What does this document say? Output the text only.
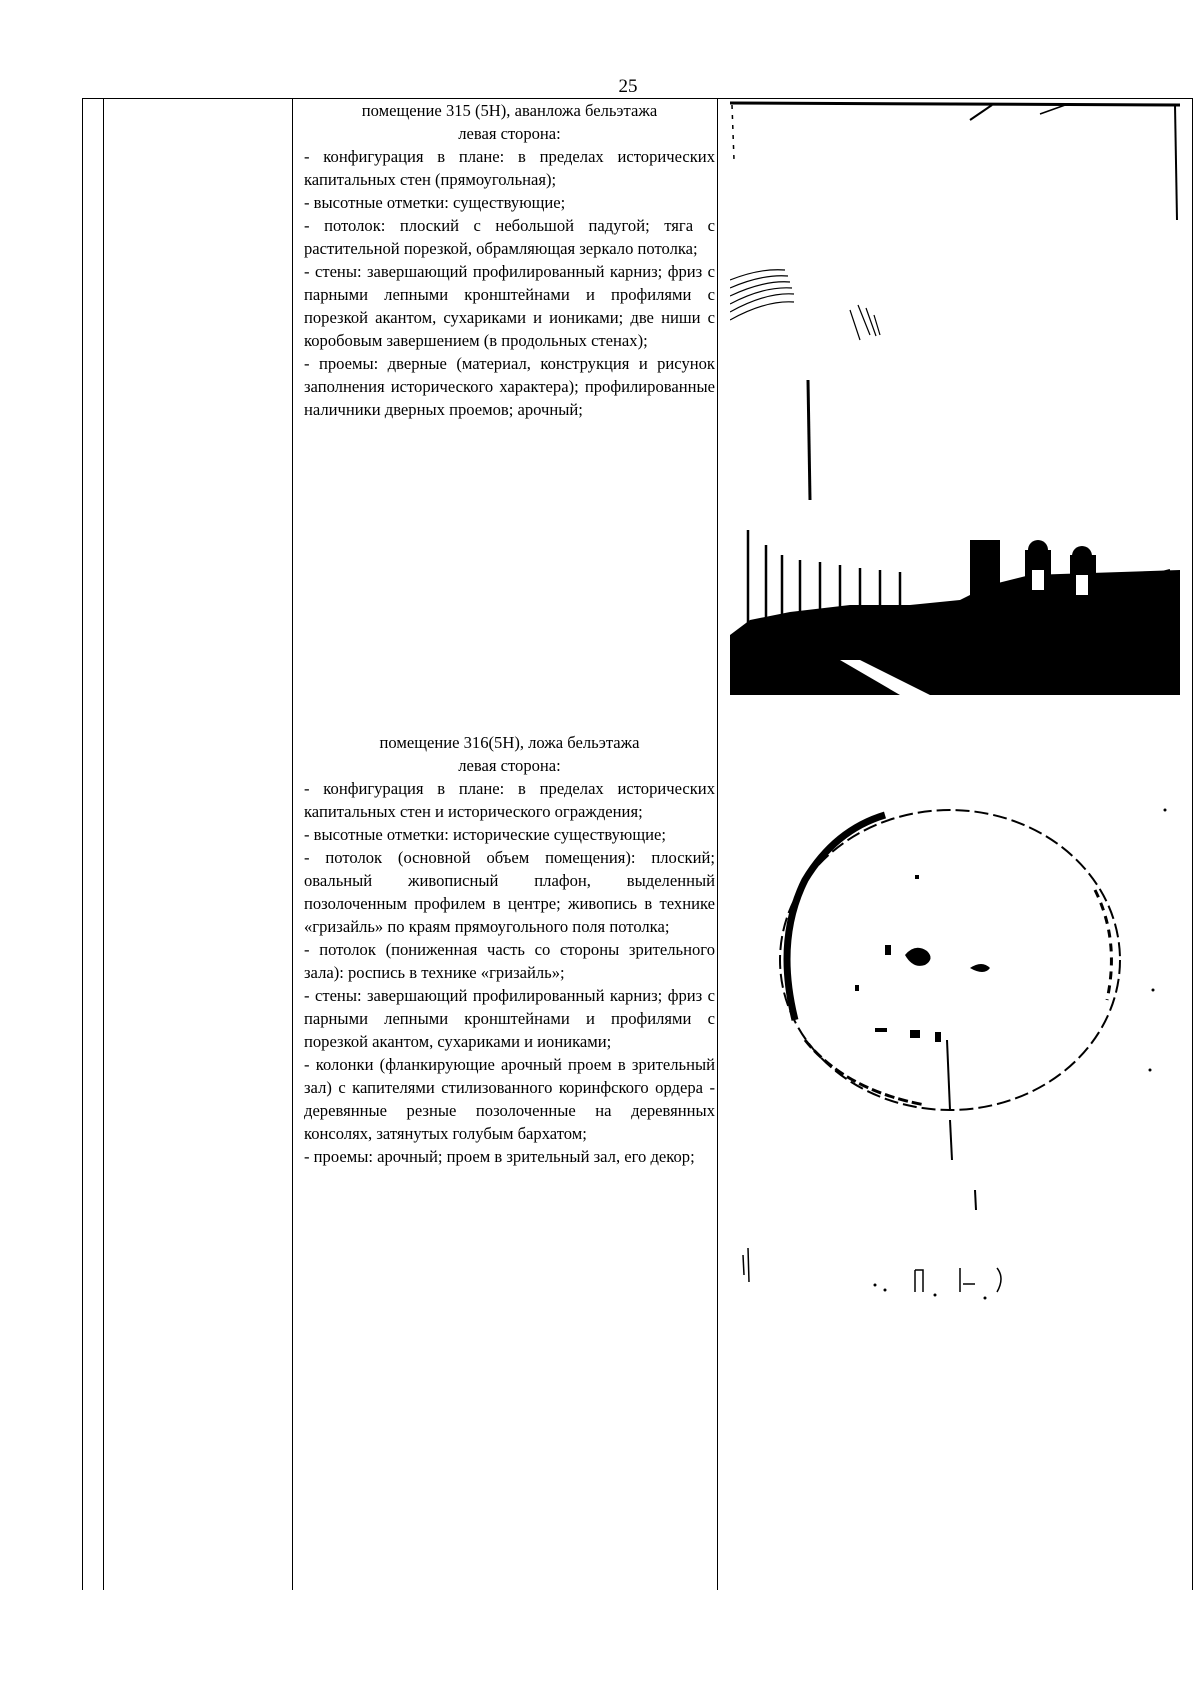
25

помещение 315 (5Н), аванложа бельэтажа

левая сторона:

- конфигурация в плане: в пределах исторических капитальных стен (прямоугольная);

- высотные отметки: существующие;

- потолок: плоский с небольшой падугой; тяга с растительной порезкой, обрамляющая зеркало потолка;

- стены: завершающий профилированный карниз; фриз с парными лепными кронштейнами и профилями с порезкой акантом, сухариками и иониками; две ниши с коробовым завершением (в продольных стенах);

- проемы: дверные (материал, конструкция и рисунок заполнения исторического характера); профилированные наличники дверных проемов; арочный;

помещение 316(5Н), ложа бельэтажа

левая сторона:

- конфигурация в плане: в пределах исторических капитальных стен и исторического ограждения;

- высотные отметки: исторические существующие;

- потолок (основной объем помещения): плоский; овальный живописный плафон, выделенный позолоченным профилем в центре; живопись в технике «гризайль» по краям прямоугольного поля потолка;

- потолок (пониженная часть со стороны зрительного зала): роспись в технике «гризайль»;

- стены: завершающий профилированный карниз; фриз с парными лепными кронштейнами и профилями с порезкой акантом, сухариками и иониками;

- колонки (фланкирующие арочный проем в зрительный зал) с капителями стилизованного коринфского ордера - деревянные резные позолоченные на деревянных консолях, затянутых голубым бархатом;

- проемы: арочный; проем в зрительный зал, его декор;
